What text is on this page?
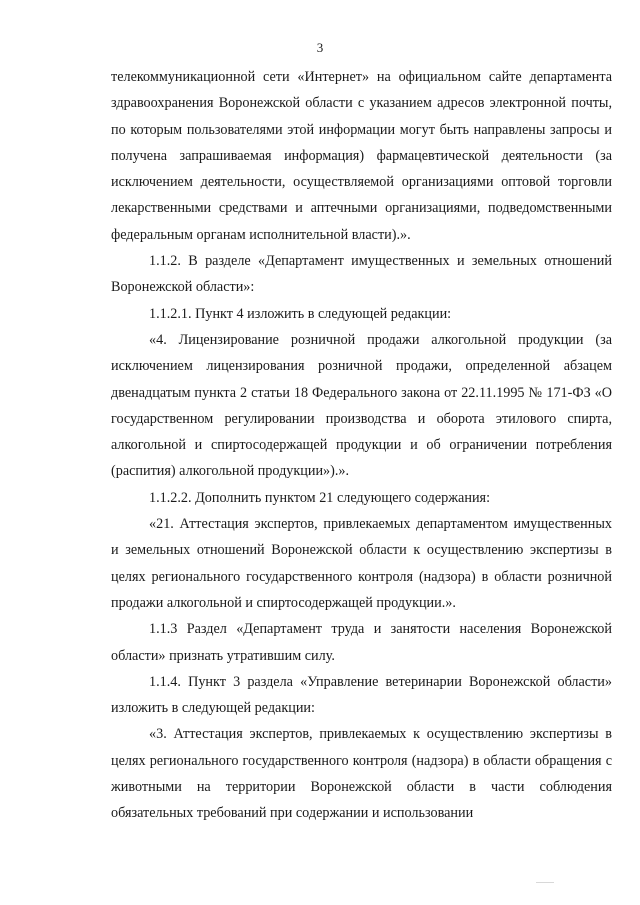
3

телекоммуникационной сети «Интернет» на официальном сайте департамента здравоохранения Воронежской области с указанием адресов электронной почты, по которым пользователями этой информации могут быть направлены запросы и получена запрашиваемая информация) фармацевтической деятельности (за исключением деятельности, осуществляемой организациями оптовой торговли лекарственными средствами и аптечными организациями, подведомственными федеральным органам исполнительной власти).».

1.1.2. В разделе «Департамент имущественных и земельных отношений Воронежской области»:

1.1.2.1. Пункт 4 изложить в следующей редакции:

«4. Лицензирование розничной продажи алкогольной продукции (за исключением лицензирования розничной продажи, определенной абзацем двенадцатым пункта 2 статьи 18 Федерального закона от 22.11.1995 № 171-ФЗ «О государственном регулировании производства и оборота этилового спирта, алкогольной и спиртосодержащей продукции и об ограничении потребления (распития) алкогольной продукции»).».

1.1.2.2. Дополнить пунктом 21 следующего содержания:

«21. Аттестация экспертов, привлекаемых департаментом имущественных и земельных отношений Воронежской области к осуществлению экспертизы в целях регионального государственного контроля (надзора) в области розничной продажи алкогольной и спиртосодержащей продукции.».

1.1.3 Раздел «Департамент труда и занятости населения Воронежской области» признать утратившим силу.

1.1.4. Пункт 3 раздела «Управление ветеринарии Воронежской области» изложить в следующей редакции:

«3. Аттестация экспертов, привлекаемых к осуществлению экспертизы в целях регионального государственного контроля (надзора) в области обращения с животными на территории Воронежской области в части соблюдения обязательных требований при содержании и использовании
